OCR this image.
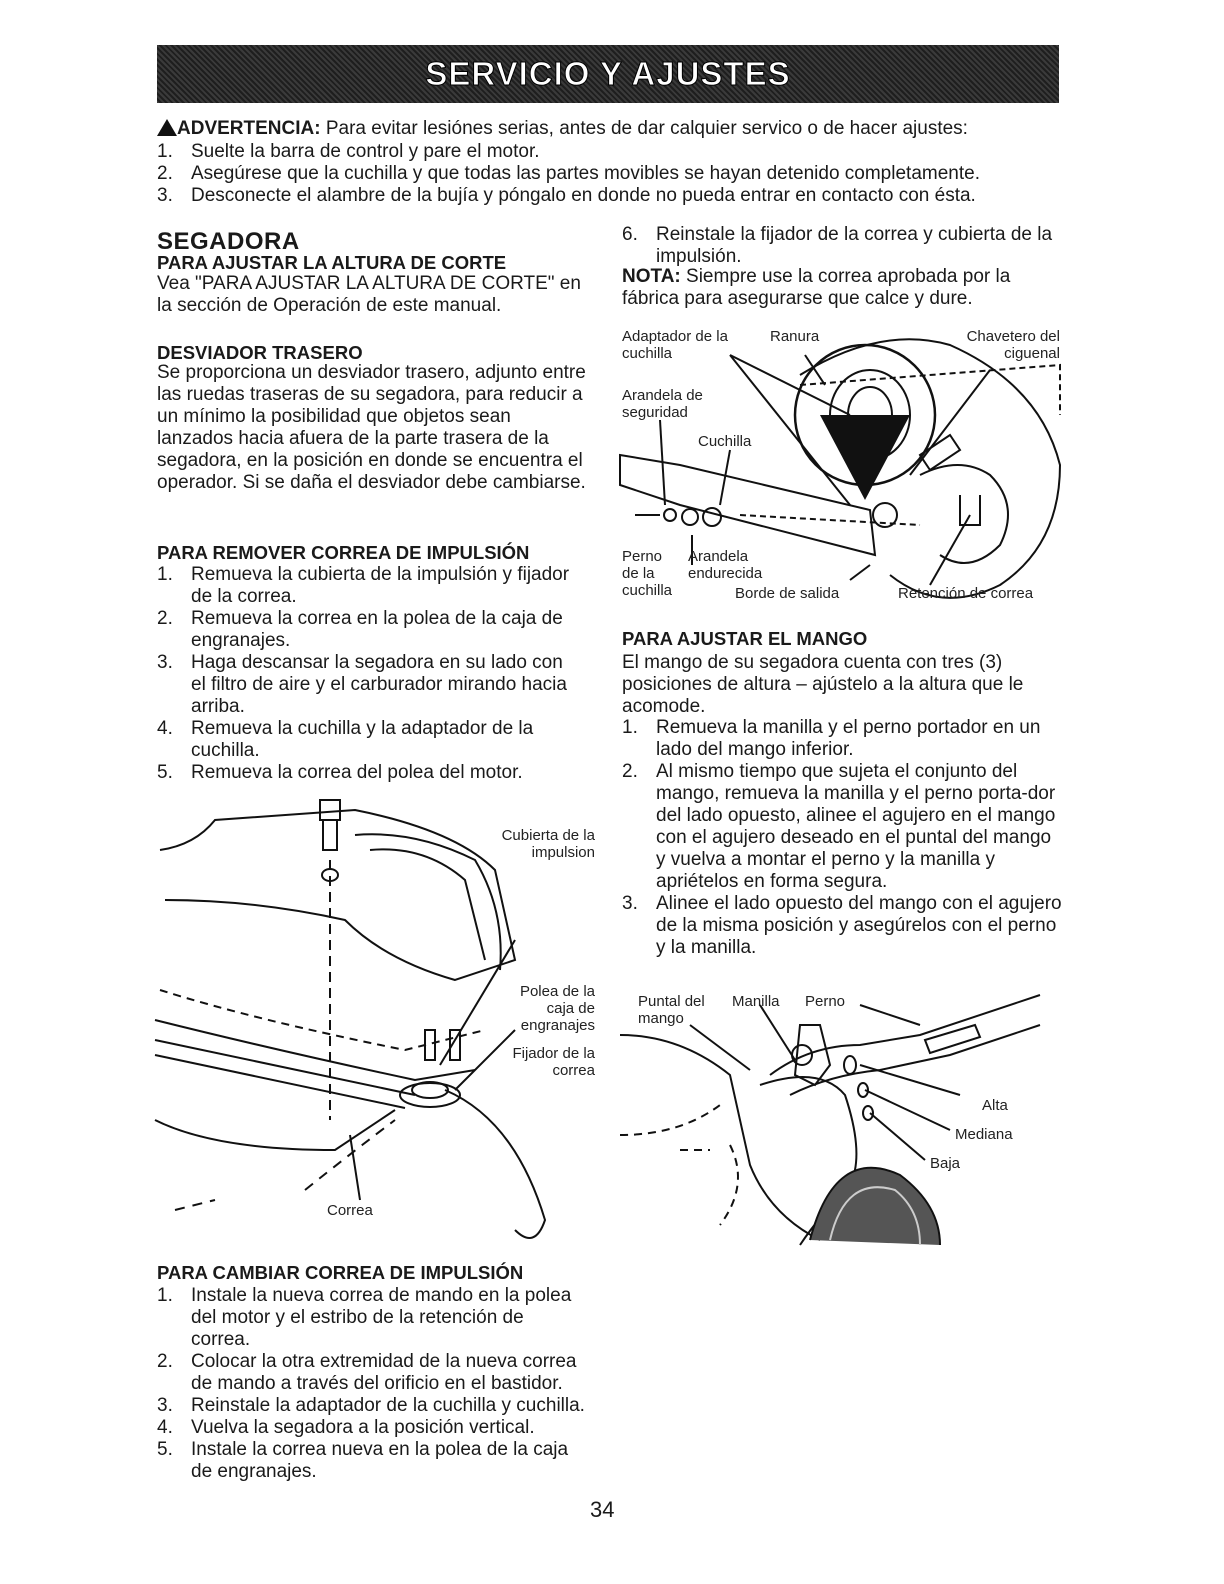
SERVICIO Y AJUSTES
ADVERTENCIA: Para evitar lesiónes serias, antes de dar calquier servico o de hacer ajustes:
1. Suelte la barra de control y pare el motor.
2. Asegúrese que la cuchilla y que todas las partes movibles se hayan detenido completamente.
3. Desconecte el alambre de la bujía y póngalo en donde no pueda entrar en contacto con ésta.
SEGADORA
PARA AJUSTAR LA ALTURA DE CORTE
Vea "PARA AJUSTAR LA ALTURA DE CORTE" en la sección de Operación de este manual.
DESVIADOR TRASERO
Se proporciona un desviador trasero, adjunto entre las ruedas traseras de su segadora, para reducir a un mínimo la posibilidad que objetos sean lanzados hacia afuera de la parte trasera de la segadora, en la posición en donde se encuentra el operador. Si se daña el desviador debe cambiarse.
PARA REMOVER CORREA DE IMPULSIÓN
1. Remueva la cubierta de la impulsión y fijador de la correa.
2. Remueva la correa en la polea de la caja de engranajes.
3. Haga descansar la segadora en su lado con el filtro de aire y el carburador mirando hacia arriba.
4. Remueva la cuchilla y la adaptador de la cuchilla.
5. Remueva la correa del polea del motor.
Cubierta de la impulsion
Polea de la caja de engranajes
Fijador de la correa
Correa
PARA CAMBIAR CORREA DE IMPULSIÓN
1. Instale la nueva correa de mando en la polea del motor y el estribo de la retención de correa.
2. Colocar la otra extremidad de la nueva correa de mando a través del orificio en el bastidor.
3. Reinstale la adaptador de la cuchilla y cuchilla.
4. Vuelva la segadora a la posición vertical.
5. Instale la correa nueva en la polea de la caja de engranajes.
34
6. Reinstale la fijador de la correa y cubierta de la impulsión.
NOTA: Siempre use la correa aprobada por la fábrica para asegurarse que calce y dure.
Adaptador de la cuchilla
Ranura	Chavetero del ciguenal
Arandela de seguridad
Cuchilla
Perno de la cuchilla
Arandela endurecida
Borde de salida	Retención de correa
PARA AJUSTAR EL MANGO
El mango de su segadora cuenta con tres (3) posiciones de altura – ajústelo a la altura que le acomode.
1. Remueva la manilla y el perno portador en un lado del mango inferior.
2. Al mismo tiempo que sujeta el conjunto del mango, remueva la manilla y el perno porta-dor del lado opuesto, alinee el agujero en el mango con el agujero deseado en el puntal del mango y vuelva a montar el perno y la manilla y apriételos en forma segura.
3. Alinee el lado opuesto del mango con el agujero de la misma posición y asegúrelos con el perno y la manilla.
Puntal del mango
Manilla Perno
Alta
Mediana
Baja
